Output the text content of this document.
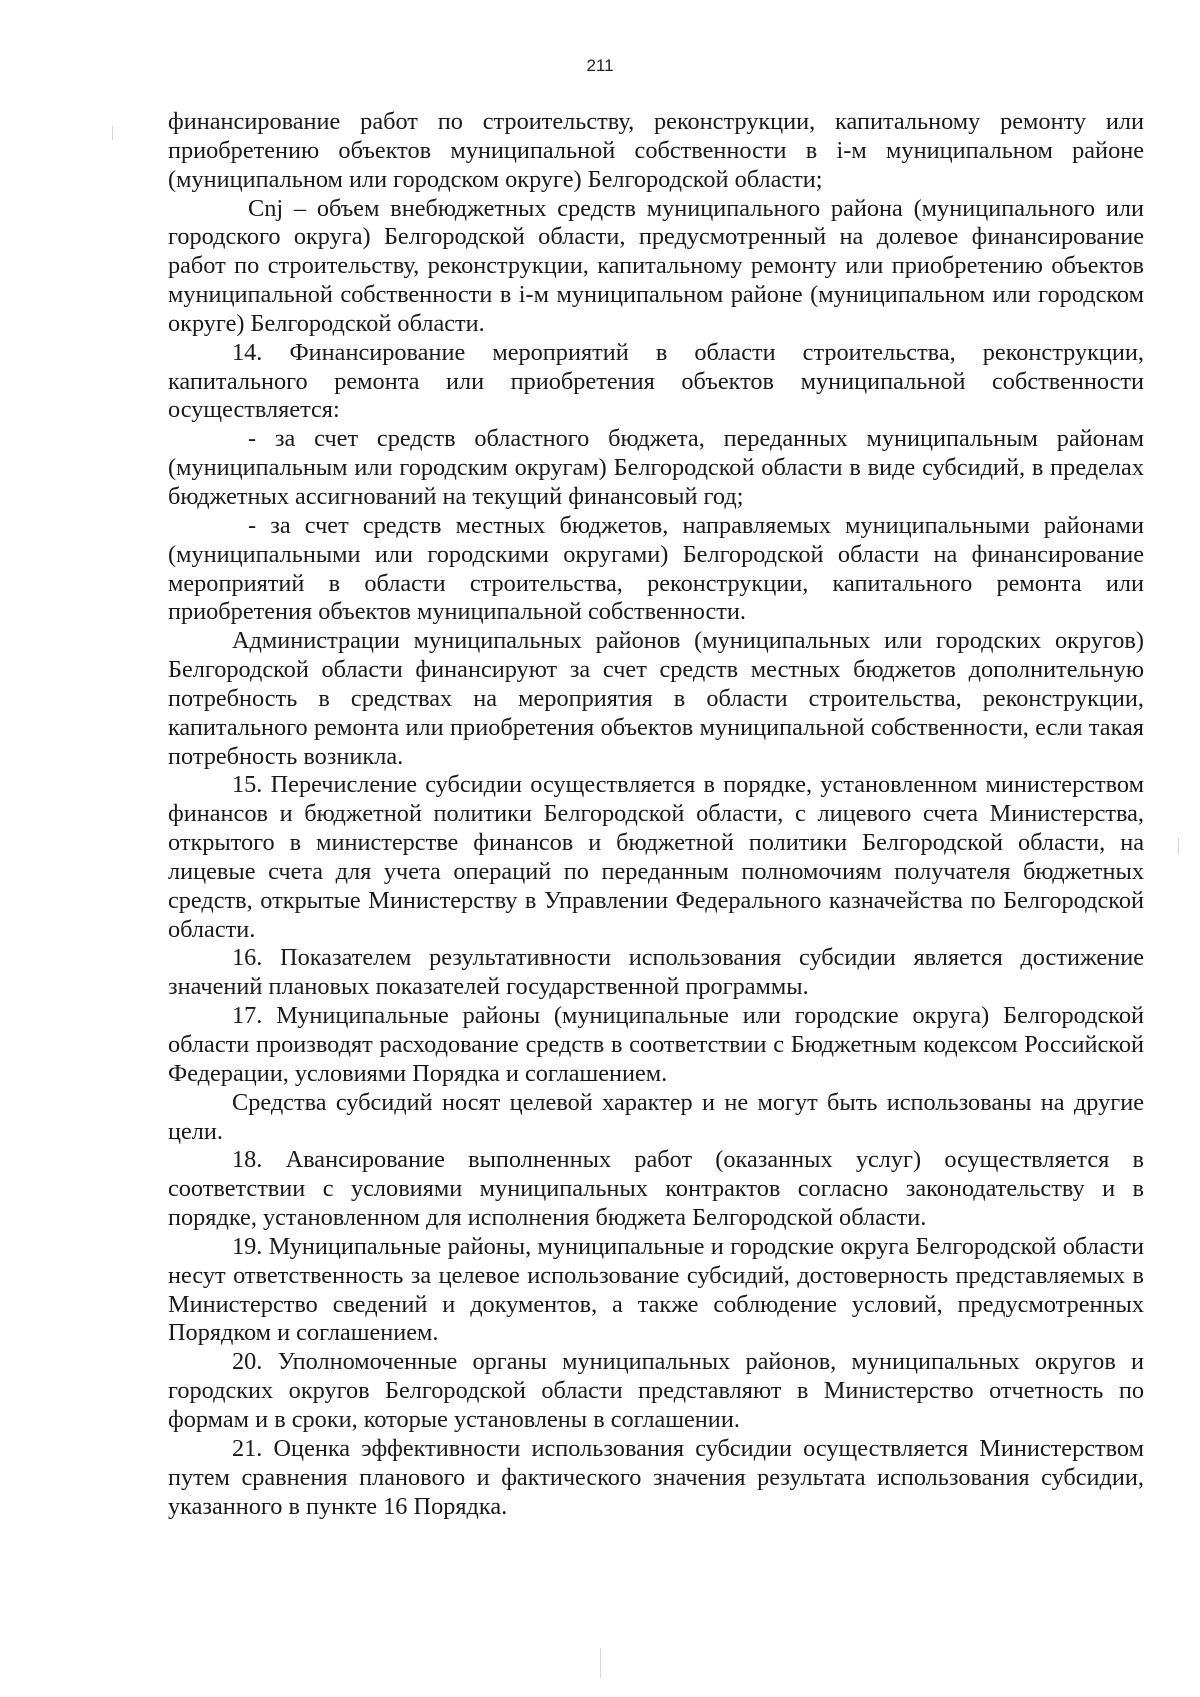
211

финансирование работ по строительству, реконструкции, капитальному ремонту или приобретению объектов муниципальной собственности в i-м муниципальном районе (муниципальном или городском округе) Белгородской области;

Cnj – объем внебюджетных средств муниципального района (муниципального или городского округа) Белгородской области, предусмотренный на долевое финансирование работ по строительству, реконструкции, капитальному ремонту или приобретению объектов муниципальной собственности в i-м муниципальном районе (муниципальном или городском округе) Белгородской области.

14. Финансирование мероприятий в области строительства, реконструкции, капитального ремонта или приобретения объектов муниципальной собственности осуществляется:

- за счет средств областного бюджета, переданных муниципальным районам (муниципальным или городским округам) Белгородской области в виде субсидий, в пределах бюджетных ассигнований на текущий финансовый год;

- за счет средств местных бюджетов, направляемых муниципальными районами (муниципальными или городскими округами) Белгородской области на финансирование мероприятий в области строительства, реконструкции, капитального ремонта или приобретения объектов муниципальной собственности.

Администрации муниципальных районов (муниципальных или городских округов) Белгородской области финансируют за счет средств местных бюджетов дополнительную потребность в средствах на мероприятия в области строительства, реконструкции, капитального ремонта или приобретения объектов муниципальной собственности, если такая потребность возникла.

15. Перечисление субсидии осуществляется в порядке, установленном министерством финансов и бюджетной политики Белгородской области, с лицевого счета Министерства, открытого в министерстве финансов и бюджетной политики Белгородской области, на лицевые счета для учета операций по переданным полномочиям получателя бюджетных средств, открытые Министерству в Управлении Федерального казначейства по Белгородской области.

16. Показателем результативности использования субсидии является достижение значений плановых показателей государственной программы.

17. Муниципальные районы (муниципальные или городские округа) Белгородской области производят расходование средств в соответствии с Бюджетным кодексом Российской Федерации, условиями Порядка и соглашением.

Средства субсидий носят целевой характер и не могут быть использованы на другие цели.

18. Авансирование выполненных работ (оказанных услуг) осуществляется в соответствии с условиями муниципальных контрактов согласно законодательству и в порядке, установленном для исполнения бюджета Белгородской области.

19. Муниципальные районы, муниципальные и городские округа Белгородской области несут ответственность за целевое использование субсидий, достоверность представляемых в Министерство сведений и документов, а также соблюдение условий, предусмотренных Порядком и соглашением.

20. Уполномоченные органы муниципальных районов, муниципальных округов и городских округов Белгородской области представляют в Министерство отчетность по формам и в сроки, которые установлены в соглашении.

21. Оценка эффективности использования субсидии осуществляется Министерством путем сравнения планового и фактического значения результата использования субсидии, указанного в пункте 16 Порядка.
